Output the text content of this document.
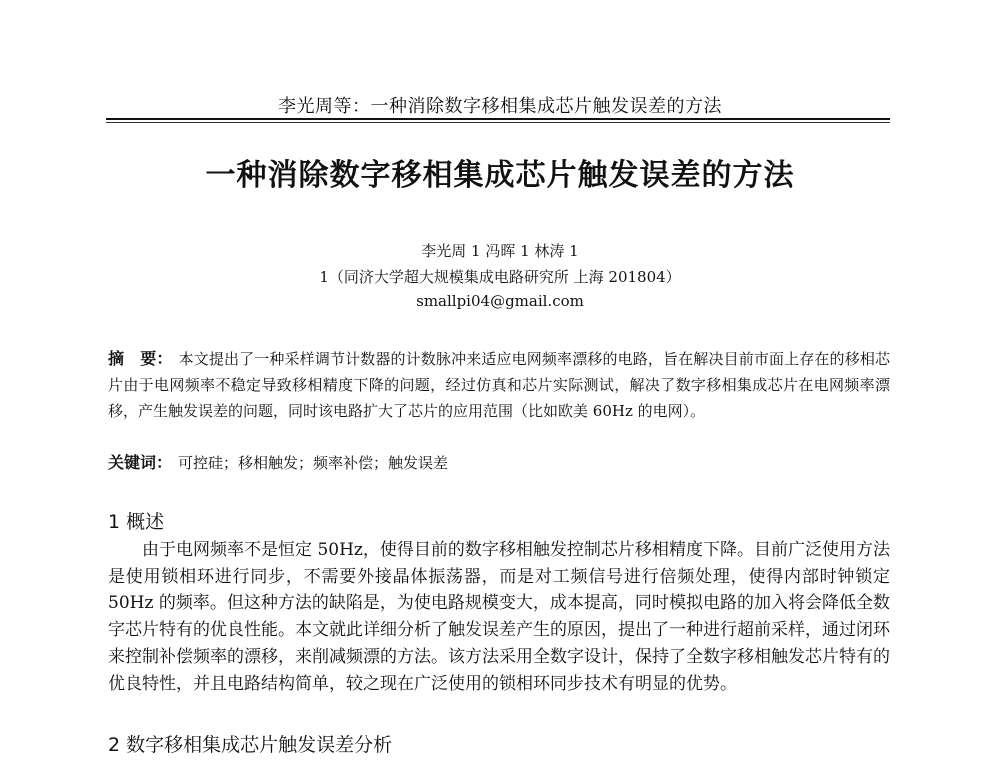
李光周等：一种消除数字移相集成芯片触发误差的方法
一种消除数字移相集成芯片触发误差的方法
李光周 1 冯晖 1 林涛 1
1（同济大学超大规模集成电路研究所 上海 201804）
smallpi04@gmail.com
摘　要： 本文提出了一种采样调节计数器的计数脉冲来适应电网频率漂移的电路，旨在解决目前市面上存在的移相芯片由于电网频率不稳定导致移相精度下降的问题，经过仿真和芯片实际测试，解决了数字移相集成芯片在电网频率漂移，产生触发误差的问题，同时该电路扩大了芯片的应用范围（比如欧美 60Hz 的电网）。
关键词： 可控硅；移相触发；频率补偿；触发误差
1 概述
由于电网频率不是恒定 50Hz，使得目前的数字移相触发控制芯片移相精度下降。目前广泛使用方法是使用锁相环进行同步，不需要外接晶体振荡器，而是对工频信号进行倍频处理，使得内部时钟锁定 50Hz 的频率。但这种方法的缺陷是，为使电路规模变大，成本提高，同时模拟电路的加入将会降低全数字芯片特有的优良性能。本文就此详细分析了触发误差产生的原因，提出了一种进行超前采样，通过闭环来控制补偿频率的漂移，来削减频漂的方法。该方法采用全数字设计，保持了全数字移相触发芯片特有的优良特性，并且电路结构简单，较之现在广泛使用的锁相环同步技术有明显的优势。
2 数字移相集成芯片触发误差分析
